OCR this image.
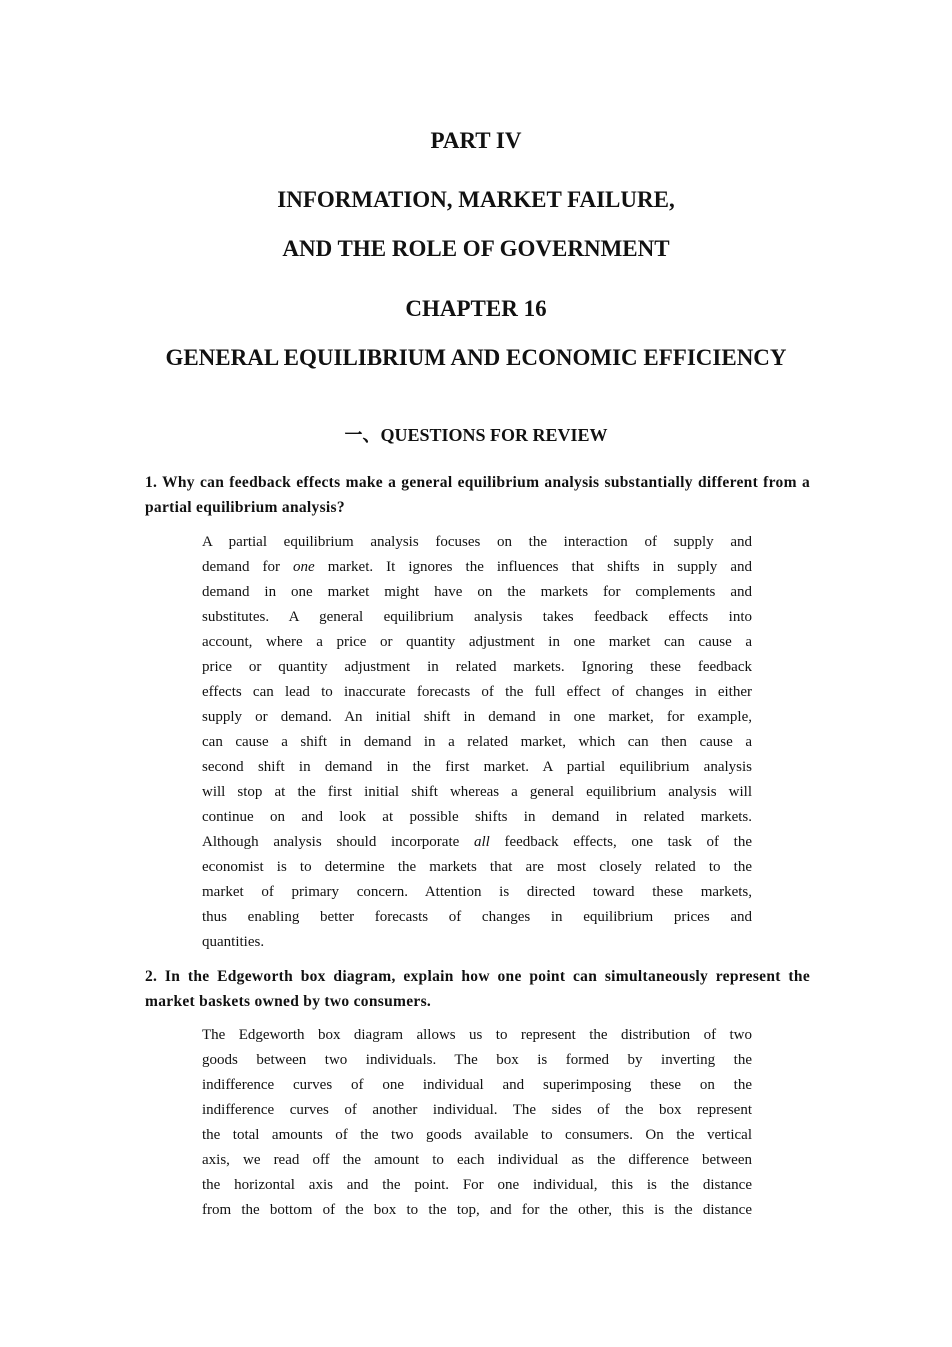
PART IV
INFORMATION, MARKET FAILURE,
AND THE ROLE OF GOVERNMENT
CHAPTER 16
GENERAL EQUILIBRIUM AND ECONOMIC EFFICIENCY
一、QUESTIONS FOR REVIEW
1. Why can feedback effects make a general equilibrium analysis substantially different from a partial equilibrium analysis?
A partial equilibrium analysis focuses on the interaction of supply and
demand for one market. It ignores the influences that shifts in supply and
demand in one market might have on the markets for complements and
substitutes. A general equilibrium analysis takes feedback effects into
account, where a price or quantity adjustment in one market can cause a
price or quantity adjustment in related markets. Ignoring these feedback
effects can lead to inaccurate forecasts of the full effect of changes in either
supply or demand. An initial shift in demand in one market, for example,
can cause a shift in demand in a related market, which can then cause a
second shift in demand in the first market. A partial equilibrium analysis
will stop at the first initial shift whereas a general equilibrium analysis will
continue on and look at possible shifts in demand in related markets.
Although analysis should incorporate all feedback effects, one task of the
economist is to determine the markets that are most closely related to the
market of primary concern. Attention is directed toward these markets,
thus enabling better forecasts of changes in equilibrium prices and
quantities.
2. In the Edgeworth box diagram, explain how one point can simultaneously represent the market baskets owned by two consumers.
The Edgeworth box diagram allows us to represent the distribution of two
goods between two individuals. The box is formed by inverting the
indifference curves of one individual and superimposing these on the
indifference curves of another individual. The sides of the box represent
the total amounts of the two goods available to consumers. On the vertical
axis, we read off the amount to each individual as the difference between
the horizontal axis and the point. For one individual, this is the distance
from the bottom of the box to the top, and for the other, this is the distance
